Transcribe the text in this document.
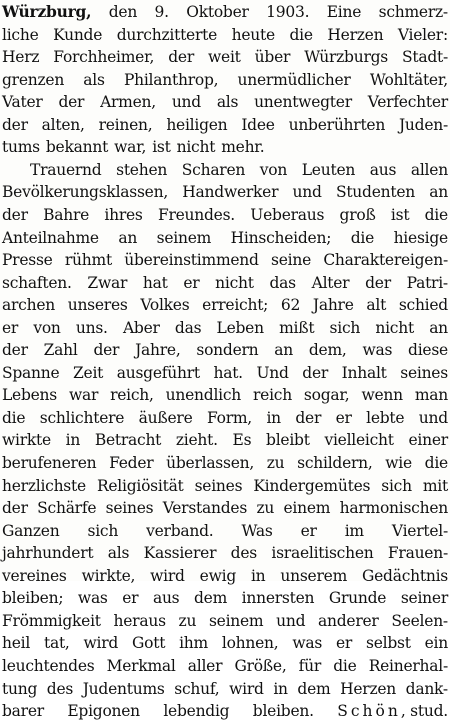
Würzburg, den 9. Oktober 1903. Eine schmerz-
liche Kunde durchzitterte heute die Herzen Vieler:
Herz Forchheimer, der weit über Würzburgs Stadt-
grenzen als Philanthrop, unermüdlicher Wohltäter,
Vater der Armen, und als unentwegter Verfechter
der alten, reinen, heiligen Idee unberührten Juden-
tums bekannt war, ist nicht mehr.
Trauernd stehen Scharen von Leuten aus allen
Bevölkerungsklassen, Handwerker und Studenten an
der Bahre ihres Freundes. Ueberaus groß ist die
Anteilnahme an seinem Hinscheiden; die hiesige
Presse rühmt übereinstimmend seine Charaktereigen-
schaften. Zwar hat er nicht das Alter der Patri-
archen unseres Volkes erreicht; 62 Jahre alt schied
er von uns. Aber das Leben mißt sich nicht an
der Zahl der Jahre, sondern an dem, was diese
Spanne Zeit ausgeführt hat. Und der Inhalt seines
Lebens war reich, unendlich reich sogar, wenn man
die schlichtere äußere Form, in der er lebte und
wirkte in Betracht zieht. Es bleibt vielleicht einer
berufeneren Feder überlassen, zu schildern, wie die
herzlichste Religiösität seines Kindergemütes sich mit
der Schärfe seines Verstandes zu einem harmonischen
Ganzen sich verband. Was er im Viertel-
jahrhundert als Kassierer des israelitischen Frauen-
vereines wirkte, wird ewig in unserem Gedächtnis
bleiben; was er aus dem innersten Grunde seiner
Frömmigkeit heraus zu seinem und anderer Seelen-
heil tat, wird Gott ihm lohnen, was er selbst ein
leuchtendes Merkmal aller Größe, für die Reinerhal-
tung des Judentums schuf, wird in dem Herzen dank-
barer Epigonen lebendig bleiben. Schön, stud.
